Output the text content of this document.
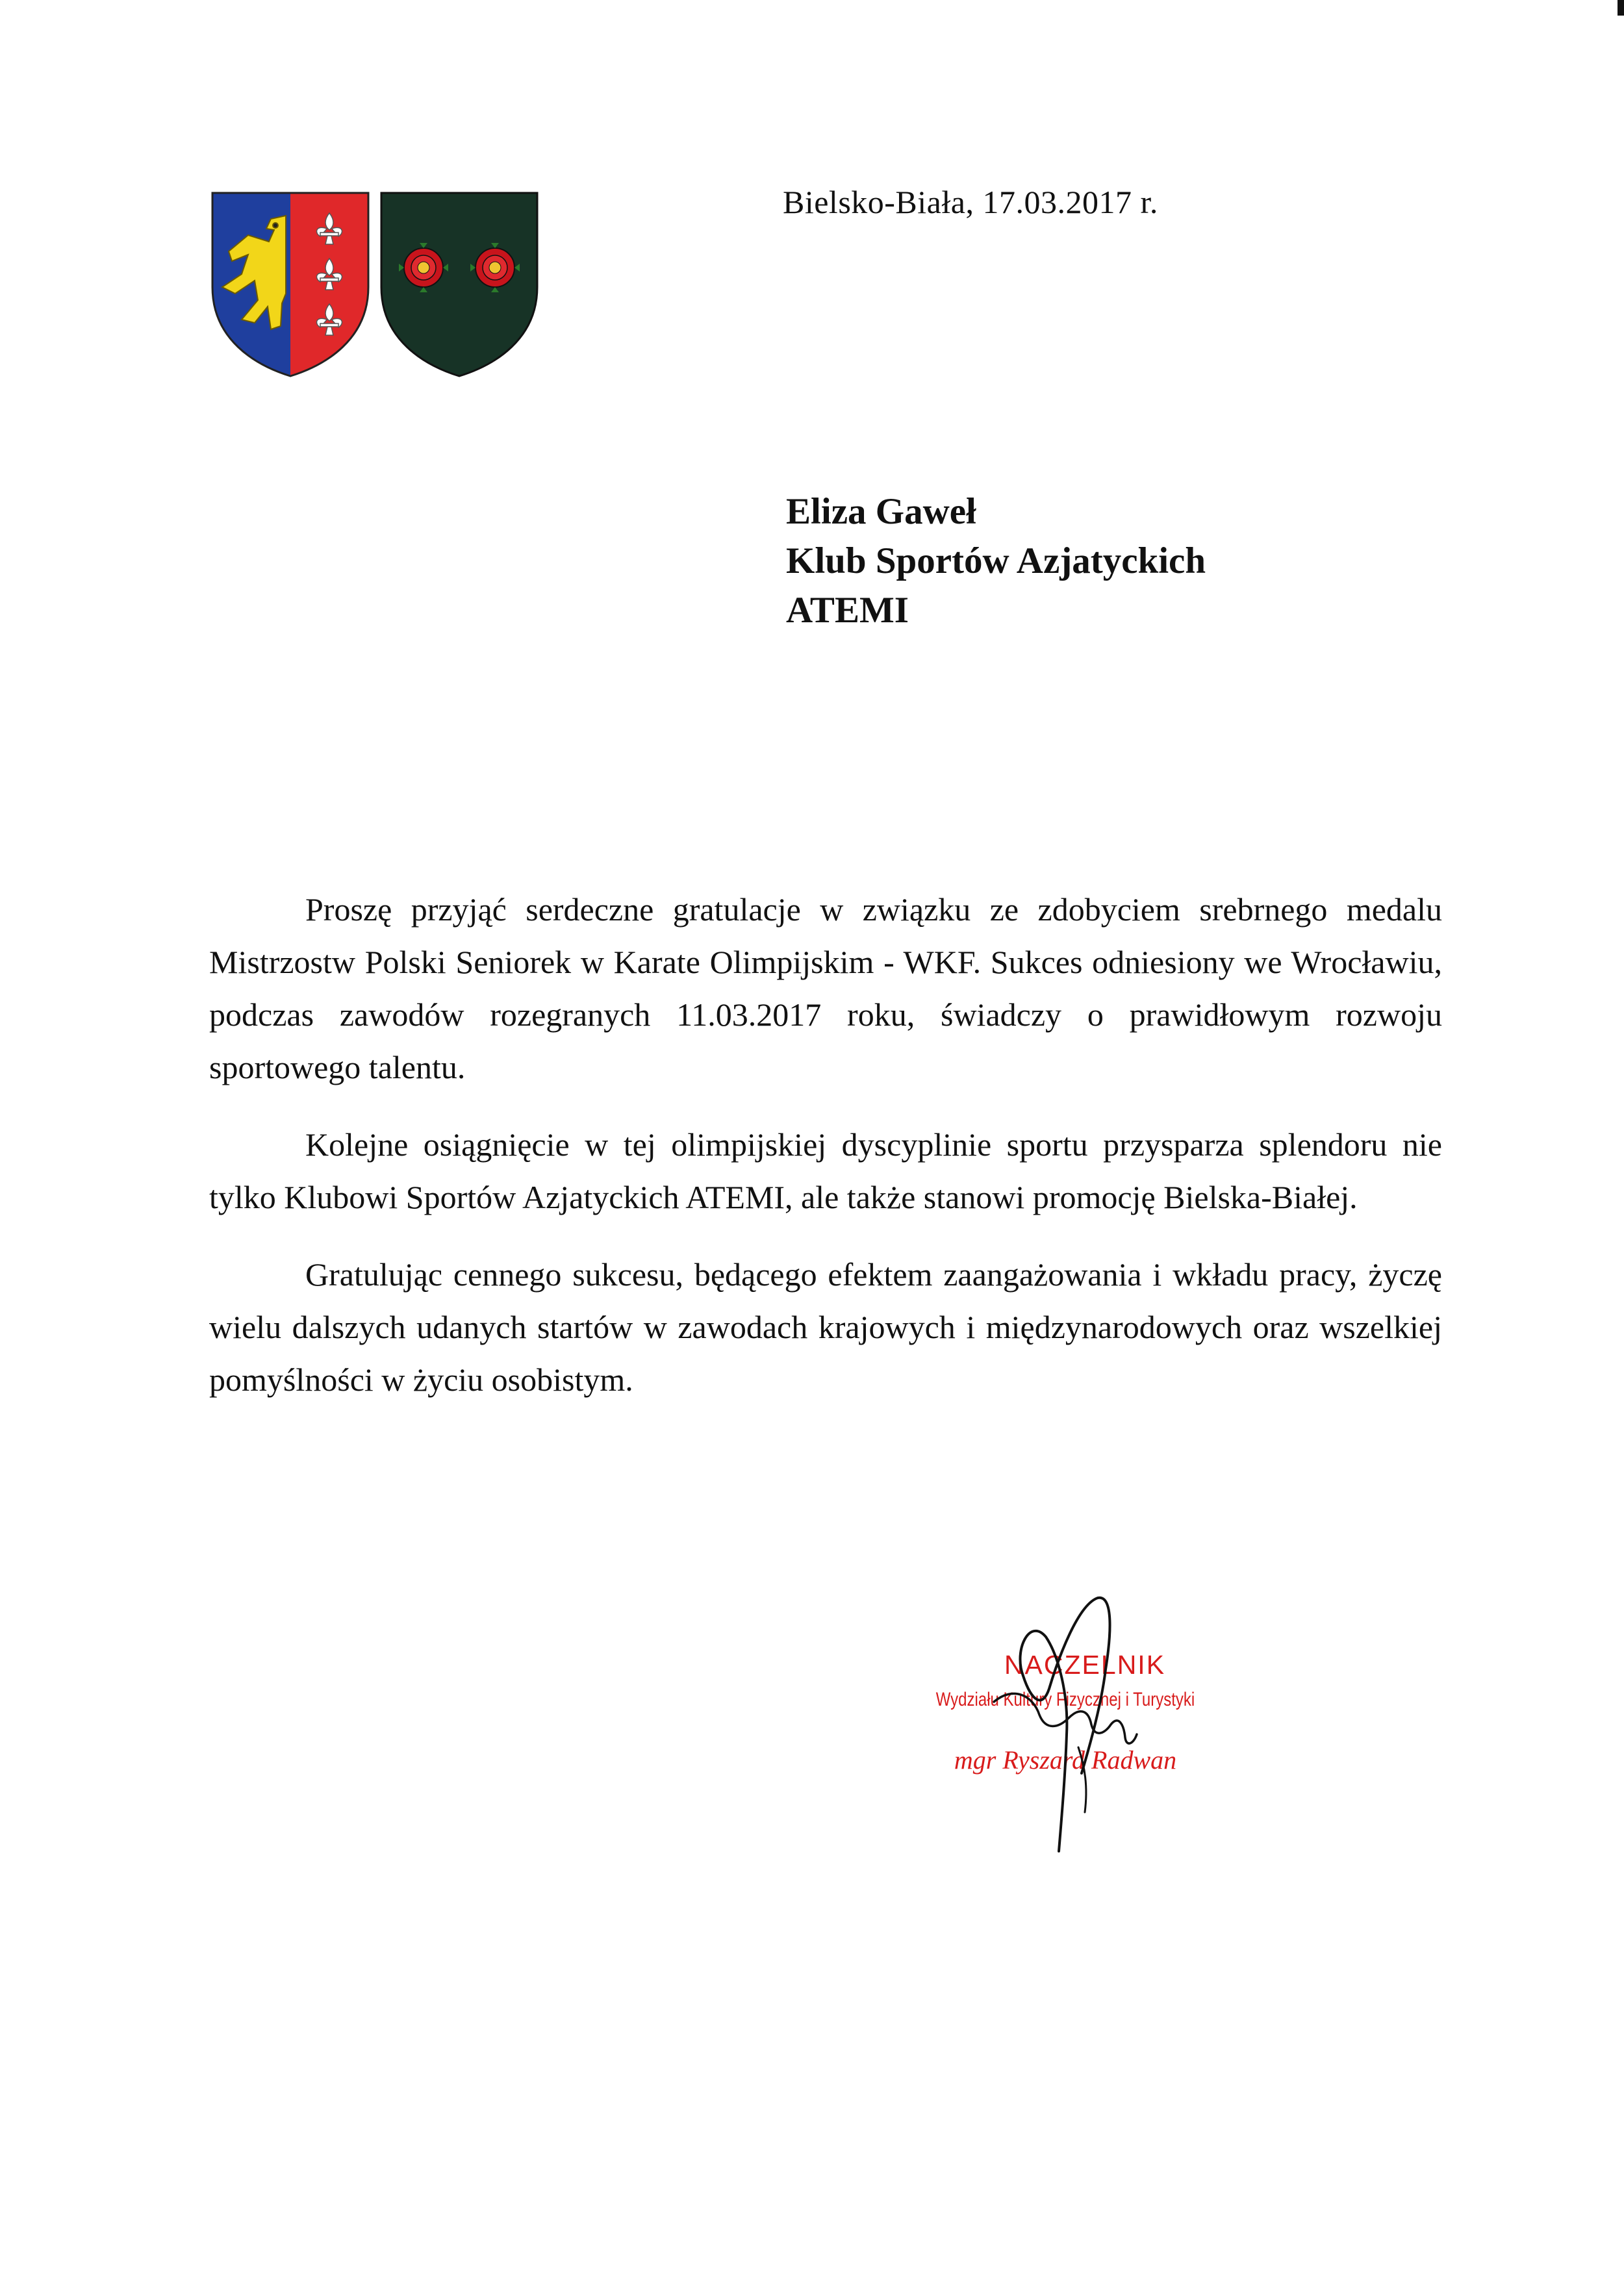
Bielsko-Biała, 17.03.2017 r.
Eliza Gaweł
Klub Sportów Azjatyckich
ATEMI

Proszę przyjąć serdeczne gratulacje w związku ze zdobyciem srebrnego medalu Mistrzostw Polski Seniorek w Karate Olimpijskim - WKF. Sukces odniesiony we Wrocławiu, podczas zawodów rozegranych 11.03.2017 roku, świadczy o prawidłowym rozwoju sportowego talentu.

Kolejne osiągnięcie w tej olimpijskiej dyscyplinie sportu przysparza splendoru nie tylko Klubowi Sportów Azjatyckich ATEMI, ale także stanowi promocję Bielska-Białej.

Gratulując cennego sukcesu, będącego efektem zaangażowania i wkładu pracy, życzę wielu dalszych udanych startów w zawodach krajowych i międzynarodowych oraz wszelkiej pomyślności w życiu osobistym.

NACZELNIK
Wydziału Kultury Fizycznej i Turystyki
mgr Ryszard Radwan
